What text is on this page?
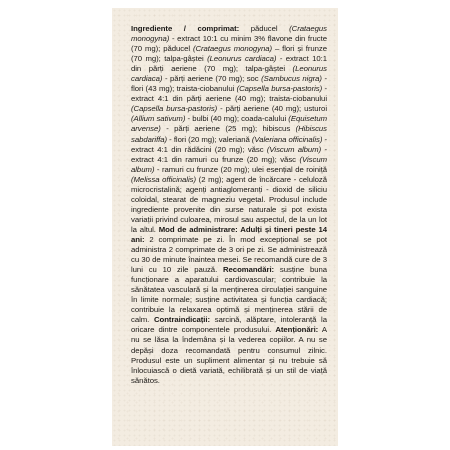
Ingrediente / comprimat: păducel (Crataegus monogyna) - extract 10:1 cu minim 3% flavone din fructe (70 mg); păducel (Crataegus monogyna) – flori și frunze (70 mg); talpa-gâștei (Leonurus cardiaca) - extract 10:1 din părți aeriene (70 mg); talpa-gâștei (Leonurus cardiaca) - părți aeriene (70 mg); soc (Sambucus nigra) - flori (43 mg); traista-ciobanului (Capsella bursa-pastoris) - extract 4:1 din părți aeriene (40 mg); traista-ciobanului (Capsella bursa-pastoris) - părți aeriene (40 mg); usturoi (Allium sativum) - bulbi (40 mg); coada-calului (Equisetum arvense) - părți aeriene (25 mg); hibiscus (Hibiscus sabdariffa) - flori (20 mg); valeriană (Valeriana officinalis) - extract 4:1 din rădăcini (20 mg); văsc (Viscum album) - extract 4:1 din ramuri cu frunze (20 mg); văsc (Viscum album) - ramuri cu frunze (20 mg); ulei esențial de roiniță (Melissa officinalis) (2 mg); agent de încărcare - celuloză microcristalină; agenți antiaglomeranți - dioxid de siliciu coloidal, stearat de magneziu vegetal. Produsul include ingrediente provenite din surse naturale și pot exista variații privind culoarea, mirosul sau aspectul, de la un lot la altul. Mod de administrare: Adulți și tineri peste 14 ani: 2 comprimate pe zi. În mod excepțional se pot administra 2 comprimate de 3 ori pe zi. Se administrează cu 30 de minute înaintea mesei. Se recomandă cure de 3 luni cu 10 zile pauză. Recomandări: susține buna funcționare a aparatului cardiovascular; contribuie la sănătatea vasculară și la menținerea circulației sanguine în limite normale; susține activitatea și funcția cardiacă; contribuie la relaxarea optimă și menținerea stării de calm. Contraindicații: sarcină, alăptare, intoleranță la oricare dintre componentele produsului. Atenționări: A nu se lăsa la îndemâna și la vederea copiilor. A nu se depăși doza recomandată pentru consumul zilnic. Produsul este un supliment alimentar și nu trebuie să înlocuiască o dietă variată, echilibrată și un stil de viață sănătos.
